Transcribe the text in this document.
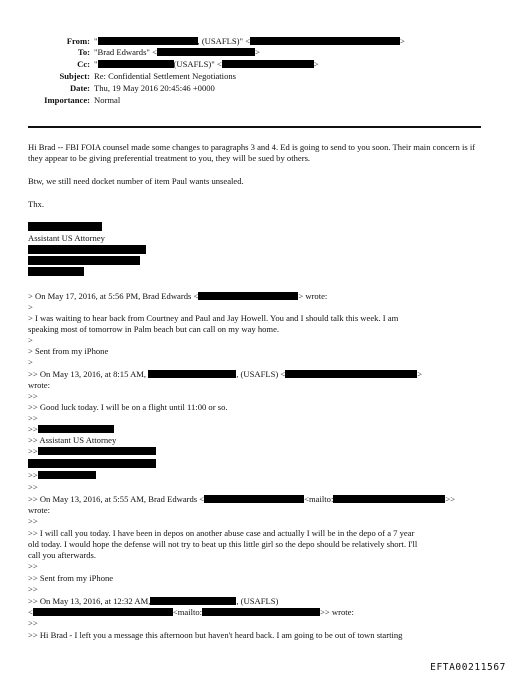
From: "	, (USAFLS)" <	>
To: "Brad Edwards" <	>
Cc: "	(USAFLS)" <	>
Subject: Re: Confidential Settlement Negotiations
Date: Thu, 19 May 2016 20:45:46 +0000
Importance: Normal
Hi Brad -- FBI FOIA counsel made some changes to paragraphs 3 and 4. Ed is going to send to you soon. Their main concern is if they appear to be giving preferential treatment to you, they will be sued by others.
Btw, we still need docket number of item Paul wants unsealed.
Thx.
Assistant US Attorney
> On May 17, 2016, at 5:56 PM, Brad Edwards <	> wrote:
>
> I was waiting to hear back from Courtney and Paul and Jay Howell. You and I should talk this week. I am
speaking most of tomorrow in Palm beach but can call on my way home.
>
> Sent from my iPhone
>
>> On May 13, 2016, at 8:15 AM,	, (USAFLS) <	>
wrote:
>>
>> Good luck today. I will be on a flight until 11:00 or so.
>>
>>
>> Assistant US Attorney
>>
>>
>>
>> On May 13, 2016, at 5:55 AM, Brad Edwards <	<mailto:	>>
wrote:
>>
>> I will call you today. I have been in depos on another abuse case and actually I will be in the depo of a 7 year
old today. I would hope the defense will not try to beat up this little girl so the depo should be relatively short. I'll
call you afterwards.
>>
>> Sent from my iPhone
>>
>> On May 13, 2016, at 12:32 AM,	, (USAFLS)
<	<mailto:	>> wrote:
>>
>> Hi Brad - I left you a message this afternoon but haven't heard back. I am going to be out of town starting
EFTA00211567
